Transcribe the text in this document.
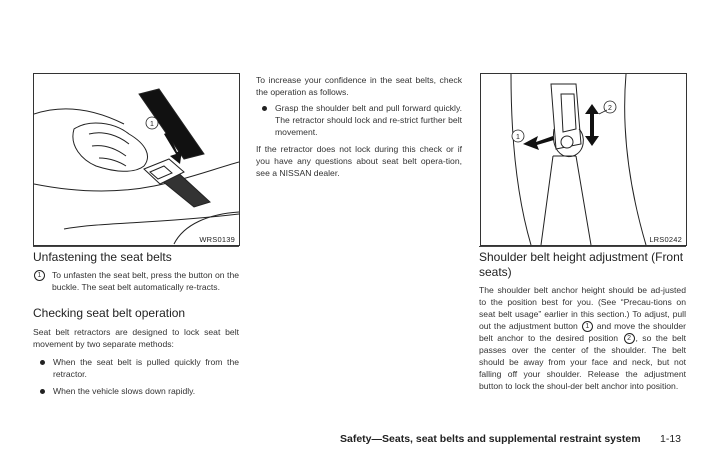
1
WRS0139
Unfastening the seat belts
1	To unfasten the seat belt, press the button on the buckle. The seat belt automatically re-tracts.
Checking seat belt operation
Seat belt retractors are designed to lock seat belt movement by two separate methods:
When the seat belt is pulled quickly from the retractor.
When the vehicle slows down rapidly.
To increase your confidence in the seat belts, check the operation as follows.
Grasp the shoulder belt and pull forward quickly. The retractor should lock and re-strict further belt movement.
If the retractor does not lock during this check or if you have any questions about seat belt opera-tion, see a NISSAN dealer.
1
2
LRS0242
Shoulder belt height adjustment (Front seats)
The shoulder belt anchor height should be ad-justed to the position best for you. (See “Precau-tions on seat belt usage” earlier in this section.) To adjust, pull out the adjustment button 1 and move the shoulder belt anchor to the desired position 2 , so the belt passes over the center of the shoulder. The belt should be away from your face and neck, but not falling off your shoulder. Release the adjustment button to lock the shoul-der belt anchor into position.
Safety—Seats, seat belts and supplemental restraint system 1-13
